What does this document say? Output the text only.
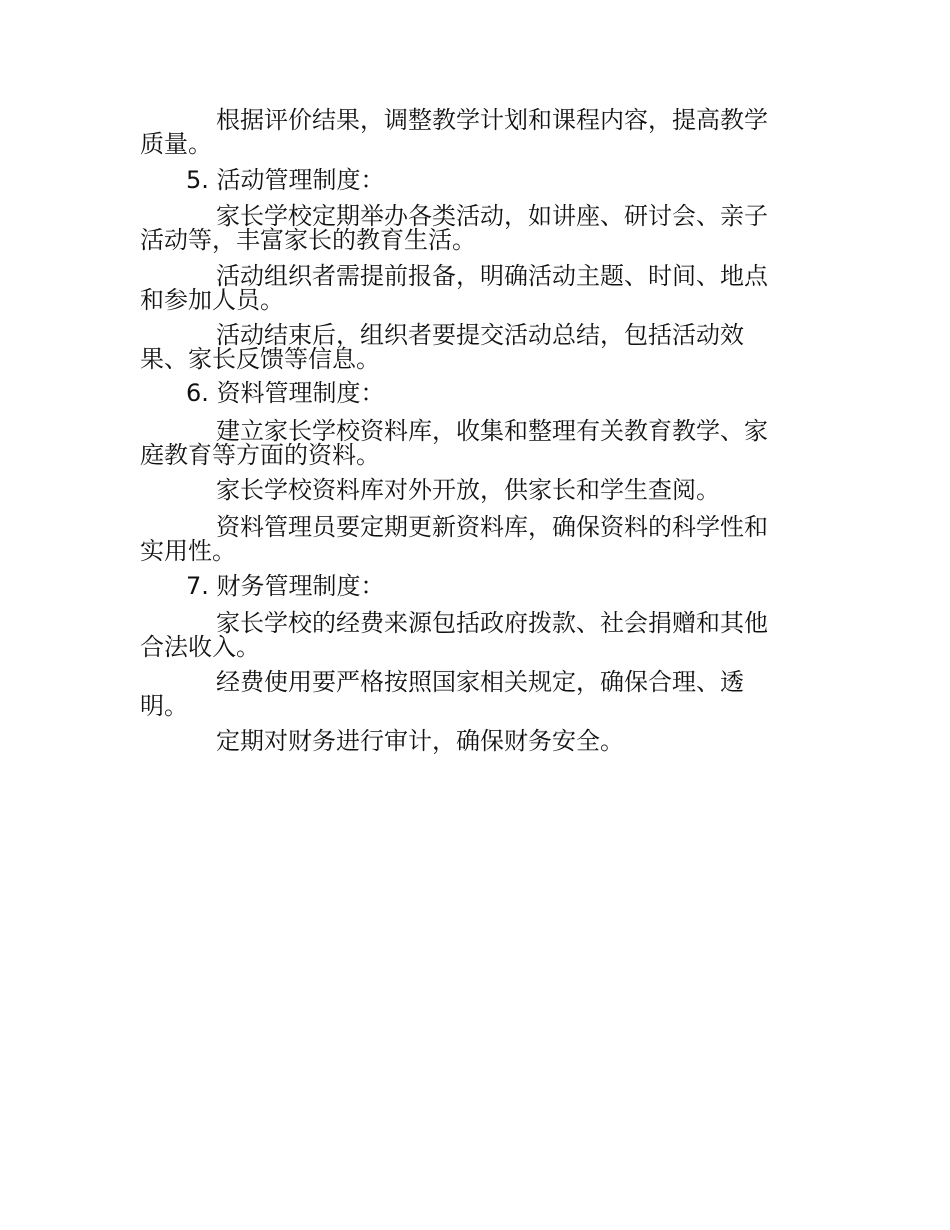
根据评价结果，调整教学计划和课程内容，提高教学
质量。

5. 活动管理制度：

家长学校定期举办各类活动，如讲座、研讨会、亲子
活动等，丰富家长的教育生活。

活动组织者需提前报备，明确活动主题、时间、地点
和参加人员。

活动结束后，组织者要提交活动总结，包括活动效
果、家长反馈等信息。

6. 资料管理制度：

建立家长学校资料库，收集和整理有关教育教学、家
庭教育等方面的资料。

家长学校资料库对外开放，供家长和学生查阅。

资料管理员要定期更新资料库，确保资料的科学性和
实用性。

7. 财务管理制度：

家长学校的经费来源包括政府拨款、社会捐赠和其他
合法收入。

经费使用要严格按照国家相关规定，确保合理、透
明。

定期对财务进行审计，确保财务安全。
